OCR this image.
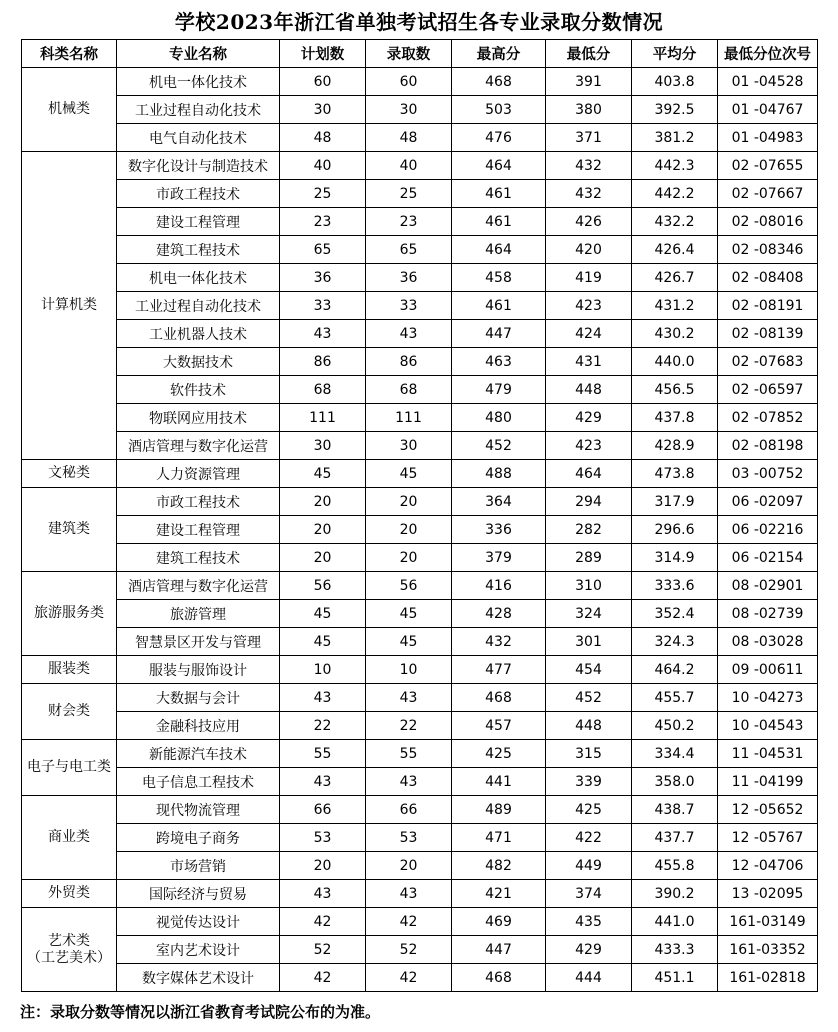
学校2023年浙江省单独考试招生各专业录取分数情况
科类名称	专业名称	计划数	录取数	最高分	最低分	平均分	最低分位次号

机械类	机电一体化技术	60	60	468	391	403.8	01 -04528
	工业过程自动化技术	30	30	503	380	392.5	01 -04767
	电气自动化技术	48	48	476	371	381.2	01 -04983

计算机类	数字化设计与制造技术	40	40	464	432	442.3	02 -07655
	市政工程技术	25	25	461	432	442.2	02 -07667
	建设工程管理	23	23	461	426	432.2	02 -08016
	建筑工程技术	65	65	464	420	426.4	02 -08346
	机电一体化技术	36	36	458	419	426.7	02 -08408
	工业过程自动化技术	33	33	461	423	431.2	02 -08191
	工业机器人技术	43	43	447	424	430.2	02 -08139
	大数据技术	86	86	463	431	440.0	02 -07683
	软件技术	68	68	479	448	456.5	02 -06597
	物联网应用技术	111	111	480	429	437.8	02 -07852
	酒店管理与数字化运营	30	30	452	423	428.9	02 -08198

文秘类	人力资源管理	45	45	488	464	473.8	03 -00752

建筑类	市政工程技术	20	20	364	294	317.9	06 -02097
	建设工程管理	20	20	336	282	296.6	06 -02216
	建筑工程技术	20	20	379	289	314.9	06 -02154

旅游服务类	酒店管理与数字化运营	56	56	416	310	333.6	08 -02901
	旅游管理	45	45	428	324	352.4	08 -02739
	智慧景区开发与管理	45	45	432	301	324.3	08 -03028

服装类	服装与服饰设计	10	10	477	454	464.2	09 -00611

财会类	大数据与会计	43	43	468	452	455.7	10 -04273
	金融科技应用	22	22	457	448	450.2	10 -04543

电子与电工类	新能源汽车技术	55	55	425	315	334.4	11 -04531
	电子信息工程技术	43	43	441	339	358.0	11 -04199

商业类	现代物流管理	66	66	489	425	438.7	12 -05652
	跨境电子商务	53	53	471	422	437.7	12 -05767
	市场营销	20	20	482	449	455.8	12 -04706

外贸类	国际经济与贸易	43	43	421	374	390.2	13 -02095

艺术类
（工艺美术）	视觉传达设计	42	42	469	435	441.0	161-03149
	室内艺术设计	52	52	447	429	433.3	161-03352
	数字媒体艺术设计	42	42	468	444	451.1	161-02818
注：录取分数等情况以浙江省教育考试院公布的为准。
